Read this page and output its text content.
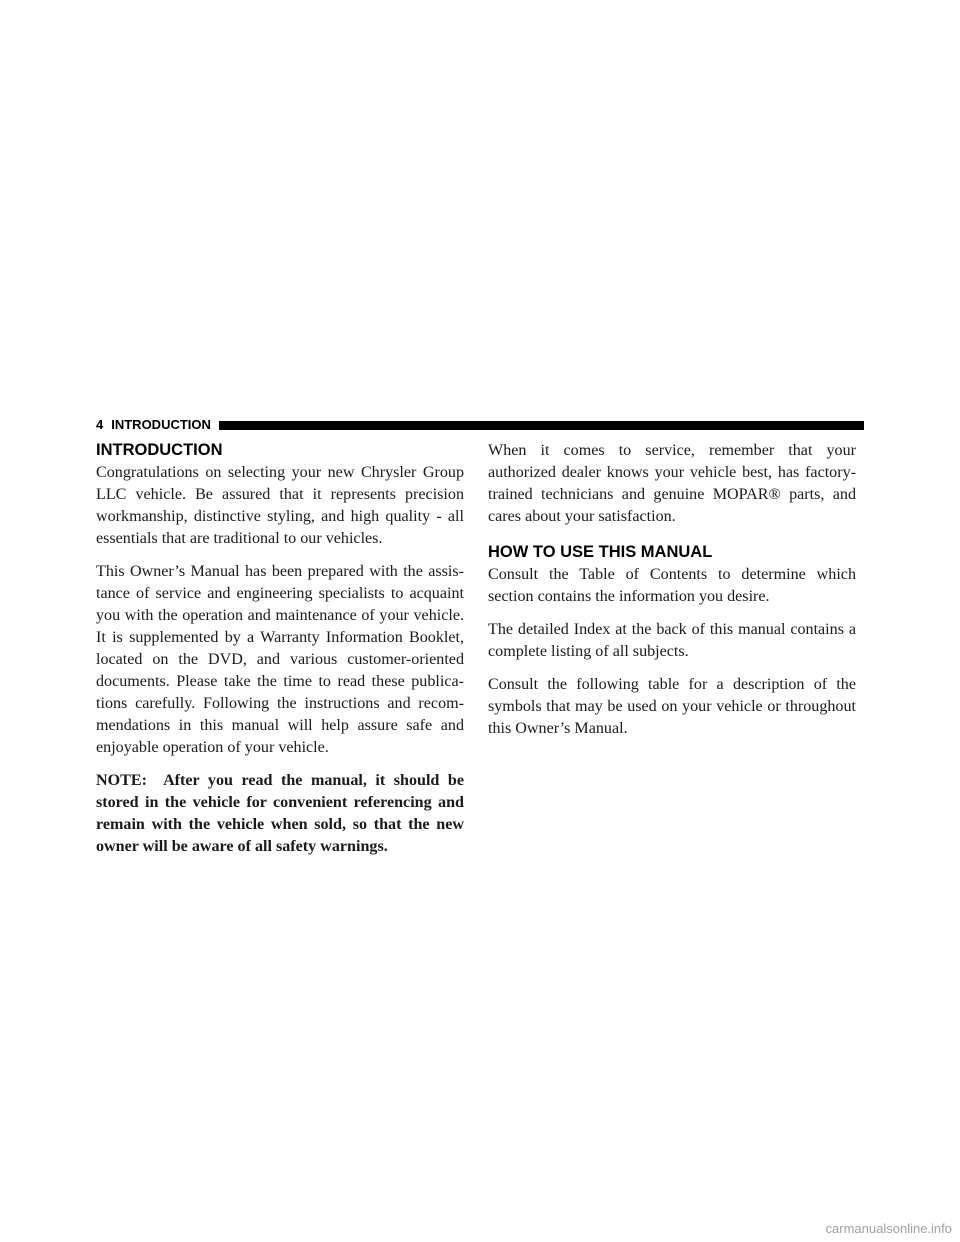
4 INTRODUCTION
INTRODUCTION

Congratulations on selecting your new Chrysler Group LLC vehicle. Be assured that it represents precision workmanship, distinctive styling, and high quality - all essentials that are traditional to our vehicles.

This Owner’s Manual has been prepared with the assistance of service and engineering specialists to acquaint you with the operation and maintenance of your vehicle. It is supplemented by a Warranty Information Booklet, located on the DVD, and various customer-oriented documents. Please take the time to read these publications carefully. Following the instructions and recommendations in this manual will help assure safe and enjoyable operation of your vehicle.

NOTE: After you read the manual, it should be stored in the vehicle for convenient referencing and remain with the vehicle when sold, so that the new owner will be aware of all safety warnings.

When it comes to service, remember that your authorized dealer knows your vehicle best, has factory-trained technicians and genuine MOPAR® parts, and cares about your satisfaction.

HOW TO USE THIS MANUAL

Consult the Table of Contents to determine which section contains the information you desire.

The detailed Index at the back of this manual contains a complete listing of all subjects.

Consult the following table for a description of the symbols that may be used on your vehicle or throughout this Owner’s Manual.

carmanualsonline.info
